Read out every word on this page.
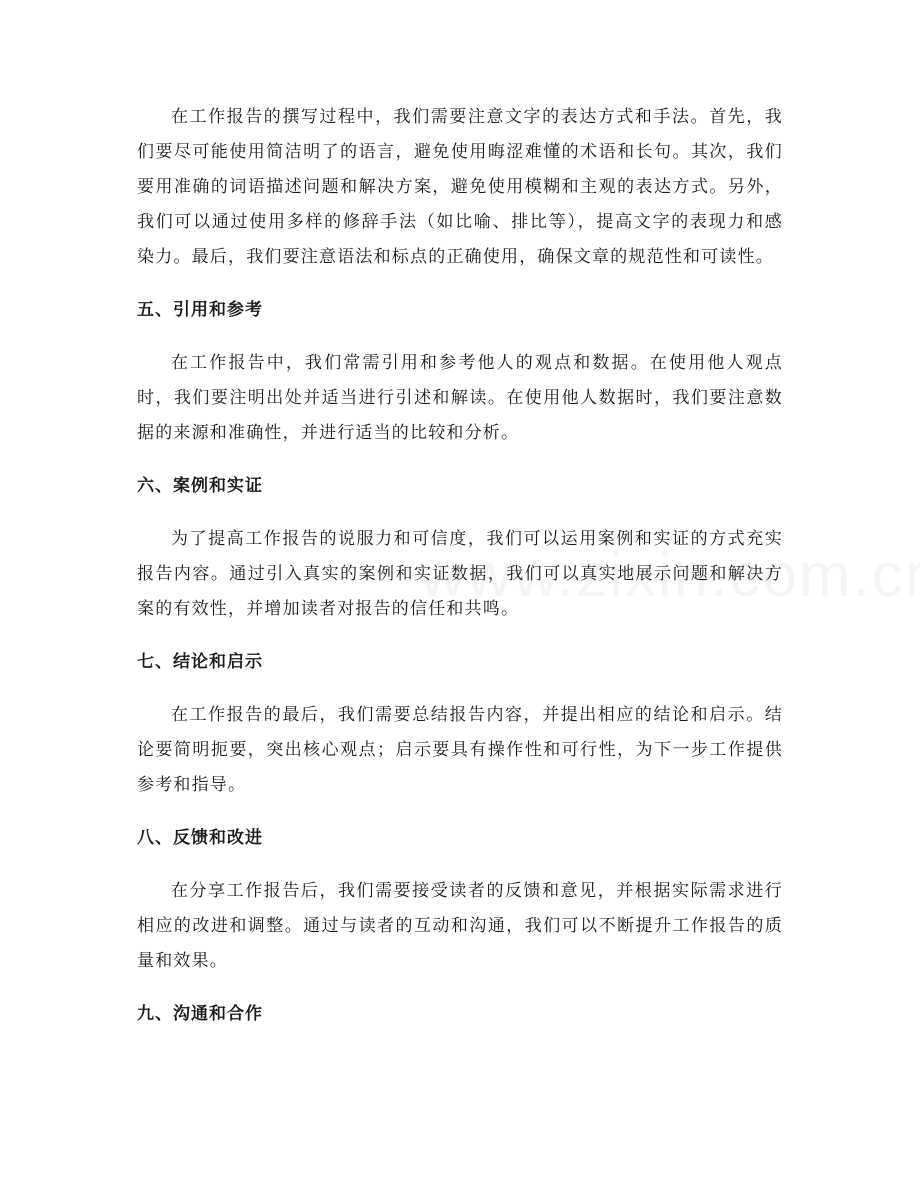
在工作报告的撰写过程中，我们需要注意文字的表达方式和手法。首先，我们要尽可能使用简洁明了的语言，避免使用晦涩难懂的术语和长句。其次，我们要用准确的词语描述问题和解决方案，避免使用模糊和主观的表达方式。另外，我们可以通过使用多样的修辞手法（如比喻、排比等），提高文字的表现力和感染力。最后，我们要注意语法和标点的正确使用，确保文章的规范性和可读性。

五、引用和参考

在工作报告中，我们常需引用和参考他人的观点和数据。在使用他人观点时，我们要注明出处并适当进行引述和解读。在使用他人数据时，我们要注意数据的来源和准确性，并进行适当的比较和分析。

六、案例和实证

为了提高工作报告的说服力和可信度，我们可以运用案例和实证的方式充实报告内容。通过引入真实的案例和实证数据，我们可以真实地展示问题和解决方案的有效性，并增加读者对报告的信任和共鸣。

七、结论和启示

在工作报告的最后，我们需要总结报告内容，并提出相应的结论和启示。结论要简明扼要，突出核心观点；启示要具有操作性和可行性，为下一步工作提供参考和指导。

八、反馈和改进

在分享工作报告后，我们需要接受读者的反馈和意见，并根据实际需求进行相应的改进和调整。通过与读者的互动和沟通，我们可以不断提升工作报告的质量和效果。

九、沟通和合作
